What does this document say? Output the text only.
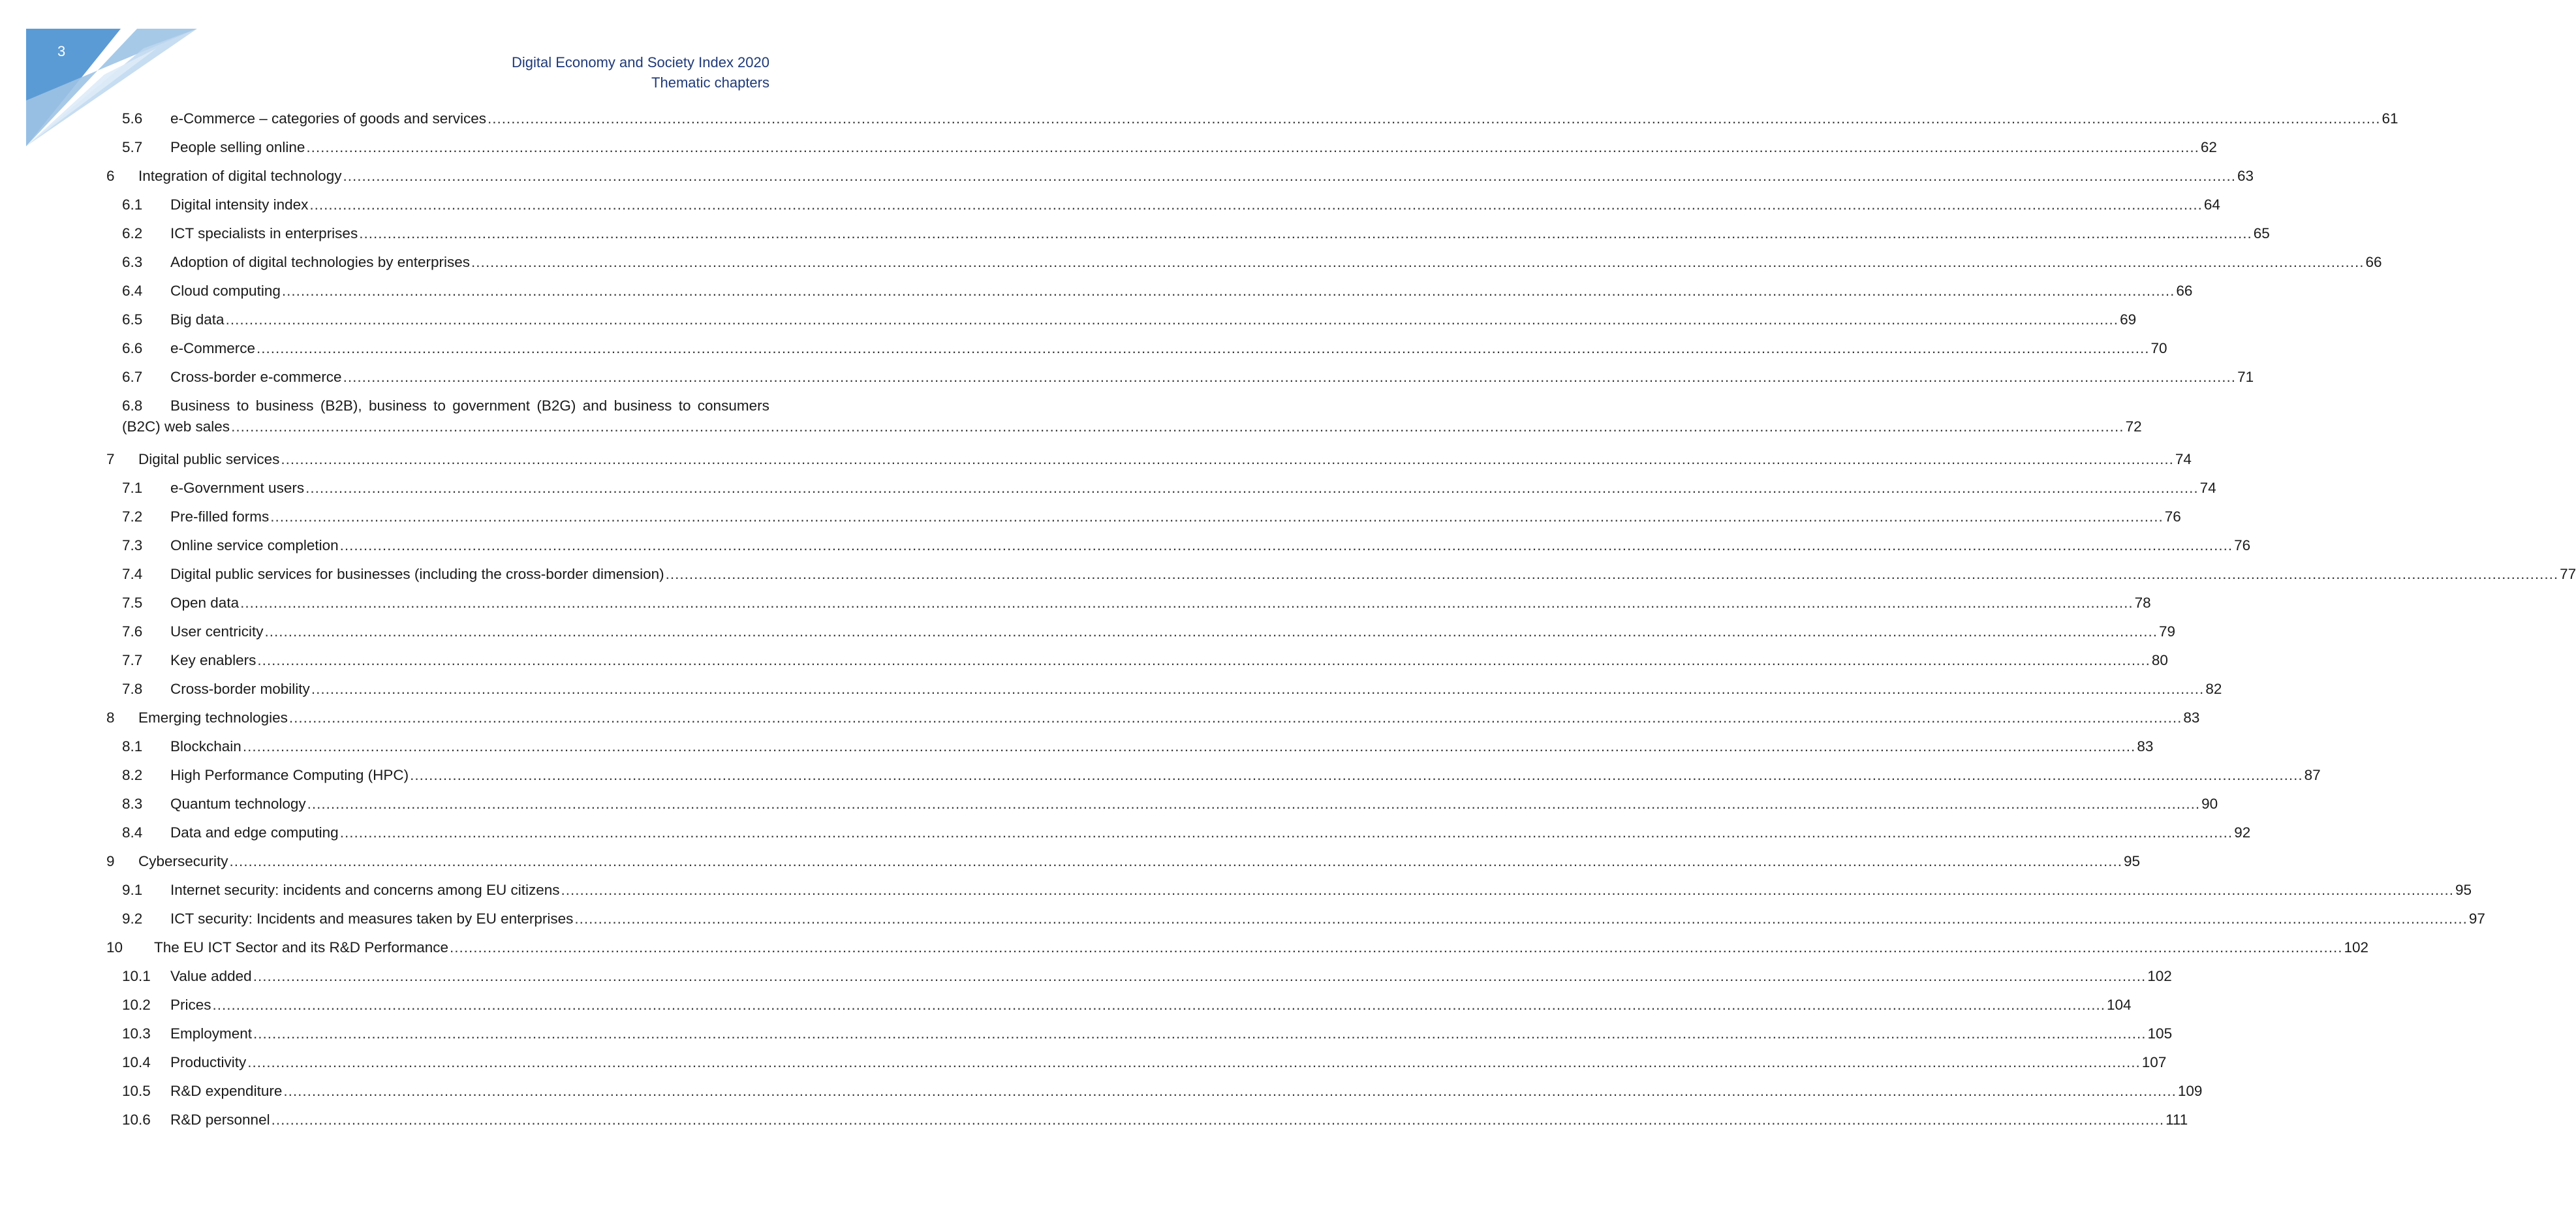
3
Digital Economy and Society Index 2020
Thematic chapters
5.6 e-Commerce – categories of goods and services ................................................................................................................................................................................................................................................................................................................................................................................................................ 61
5.7 People selling online ................................................................................................................................................................................................................................................................................................................................................................................................................ 62
6 Integration of digital technology ................................................................................................................................................................................................................................................................................................................................................................................................................ 63
6.1 Digital intensity index ................................................................................................................................................................................................................................................................................................................................................................................................................ 64
6.2 ICT specialists in enterprises ................................................................................................................................................................................................................................................................................................................................................................................................................ 65
6.3 Adoption of digital technologies by enterprises ................................................................................................................................................................................................................................................................................................................................................................................................................ 66
6.4 Cloud computing ................................................................................................................................................................................................................................................................................................................................................................................................................ 66
6.5 Big data ................................................................................................................................................................................................................................................................................................................................................................................................................ 69
6.6 e-Commerce ................................................................................................................................................................................................................................................................................................................................................................................................................ 70
6.7 Cross-border e-commerce ................................................................................................................................................................................................................................................................................................................................................................................................................ 71
6.8 Business to business (B2B), business to government (B2G) and business to consumers
(B2C) web sales ................................................................................................................................................................................................................................................................................................................................................................................................................ 72
7 Digital public services ................................................................................................................................................................................................................................................................................................................................................................................................................ 74
7.1 e-Government users ................................................................................................................................................................................................................................................................................................................................................................................................................ 74
7.2 Pre-filled forms ................................................................................................................................................................................................................................................................................................................................................................................................................ 76
7.3 Online service completion ................................................................................................................................................................................................................................................................................................................................................................................................................ 76
7.4 Digital public services for businesses (including the cross-border dimension) ................................................................................................................................................................................................................................................................................................................................................................................................................ 77
7.5 Open data ................................................................................................................................................................................................................................................................................................................................................................................................................ 78
7.6 User centricity ................................................................................................................................................................................................................................................................................................................................................................................................................ 79
7.7 Key enablers ................................................................................................................................................................................................................................................................................................................................................................................................................ 80
7.8 Cross-border mobility ................................................................................................................................................................................................................................................................................................................................................................................................................ 82
8 Emerging technologies ................................................................................................................................................................................................................................................................................................................................................................................................................ 83
8.1 Blockchain ................................................................................................................................................................................................................................................................................................................................................................................................................ 83
8.2 High Performance Computing (HPC) ................................................................................................................................................................................................................................................................................................................................................................................................................ 87
8.3 Quantum technology ................................................................................................................................................................................................................................................................................................................................................................................................................ 90
8.4 Data and edge computing ................................................................................................................................................................................................................................................................................................................................................................................................................ 92
9 Cybersecurity ................................................................................................................................................................................................................................................................................................................................................................................................................ 95
9.1 Internet security: incidents and concerns among EU citizens ................................................................................................................................................................................................................................................................................................................................................................................................................ 95
9.2 ICT security: Incidents and measures taken by EU enterprises ................................................................................................................................................................................................................................................................................................................................................................................................................ 97
10 The EU ICT Sector and its R&D Performance ................................................................................................................................................................................................................................................................................................................................................................................................................ 102
10.1 Value added ................................................................................................................................................................................................................................................................................................................................................................................................................ 102
10.2 Prices ................................................................................................................................................................................................................................................................................................................................................................................................................ 104
10.3 Employment ................................................................................................................................................................................................................................................................................................................................................................................................................ 105
10.4 Productivity ................................................................................................................................................................................................................................................................................................................................................................................................................ 107
10.5 R&D expenditure ................................................................................................................................................................................................................................................................................................................................................................................................................ 109
10.6 R&D personnel ................................................................................................................................................................................................................................................................................................................................................................................................................ 111
